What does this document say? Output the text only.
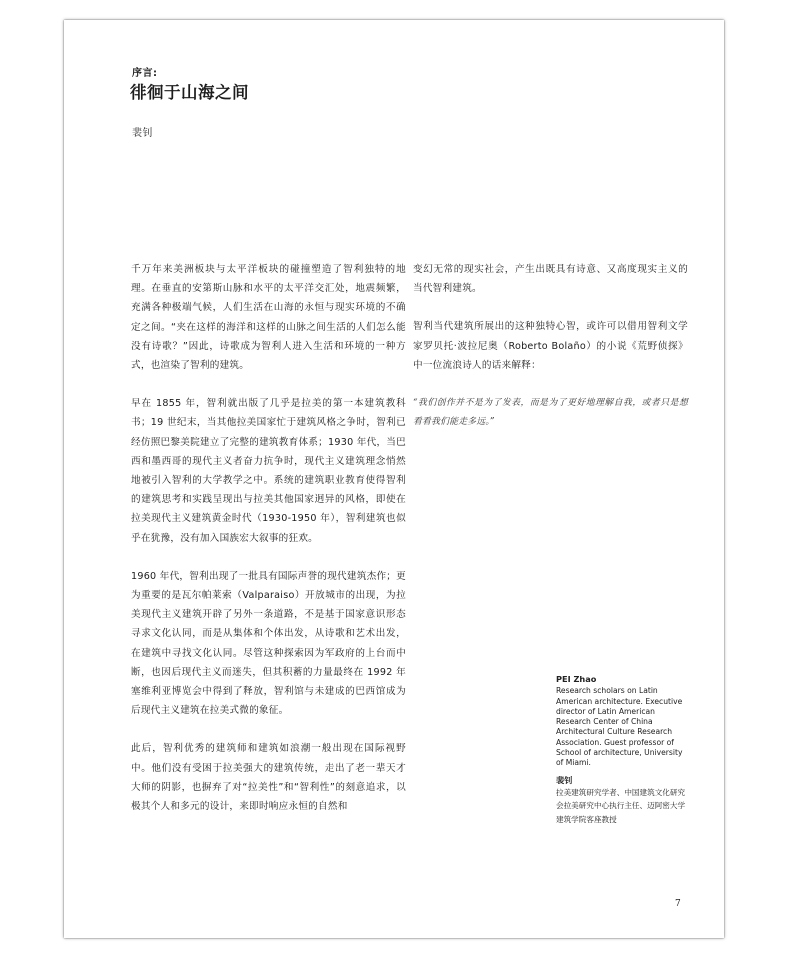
序言:
徘徊于山海之间
裴钊

千万年来美洲板块与太平洋板块的碰撞塑造了智利独特的地理。在垂直的安第斯山脉和水平的太平洋交汇处，地震频繁，充满各种极端气候，人们生活在山海的永恒与现实环境的不确定之间。“夹在这样的海洋和这样的山脉之间生活的人们怎么能没有诗歌？”因此，诗歌成为智利人进入生活和环境的一种方式，也渲染了智利的建筑。

早在 1855 年，智利就出版了几乎是拉美的第一本建筑教科书；19 世纪末，当其他拉美国家忙于建筑风格之争时，智利已经仿照巴黎美院建立了完整的建筑教育体系；1930 年代，当巴西和墨西哥的现代主义者奋力抗争时，现代主义建筑理念悄然地被引入智利的大学教学之中。系统的建筑职业教育使得智利的建筑思考和实践呈现出与拉美其他国家迥异的风格，即使在拉美现代主义建筑黄金时代（1930-1950 年），智利建筑也似乎在犹豫，没有加入国族宏大叙事的狂欢。

1960 年代，智利出现了一批具有国际声誉的现代建筑杰作；更为重要的是瓦尔帕莱索（Valparaiso）开放城市的出现，为拉美现代主义建筑开辟了另外一条道路，不是基于国家意识形态寻求文化认同，而是从集体和个体出发，从诗歌和艺术出发，在建筑中寻找文化认同。尽管这种探索因为军政府的上台而中断，也因后现代主义而迷失，但其积蓄的力量最终在 1992 年塞维利亚博览会中得到了释放，智利馆与未建成的巴西馆成为后现代主义建筑在拉美式微的象征。

此后，智利优秀的建筑师和建筑如浪潮一般出现在国际视野中。他们没有受困于拉美强大的建筑传统，走出了老一辈天才大师的阴影，也摒弃了对“拉美性”和“智利性”的刻意追求，以极其个人和多元的设计，来即时响应永恒的自然和

变幻无常的现实社会，产生出既具有诗意、又高度现实主义的当代智利建筑。

智利当代建筑所展出的这种独特心智，或许可以借用智利文学家罗贝托·波拉尼奥（Roberto Bolaño）的小说《荒野侦探》中一位流浪诗人的话来解释：

“我们创作并不是为了发表，而是为了更好地理解自我，或者只是想看看我们能走多远。”

PEI Zhao
Research scholars on Latin American architecture. Executive director of Latin American Research Center of China Architectural Culture Research Association. Guest professor of School of architecture, University of Miami.
裴钊
拉美建筑研究学者、中国建筑文化研究会拉美研究中心执行主任、迈阿密大学建筑学院客座教授
7
